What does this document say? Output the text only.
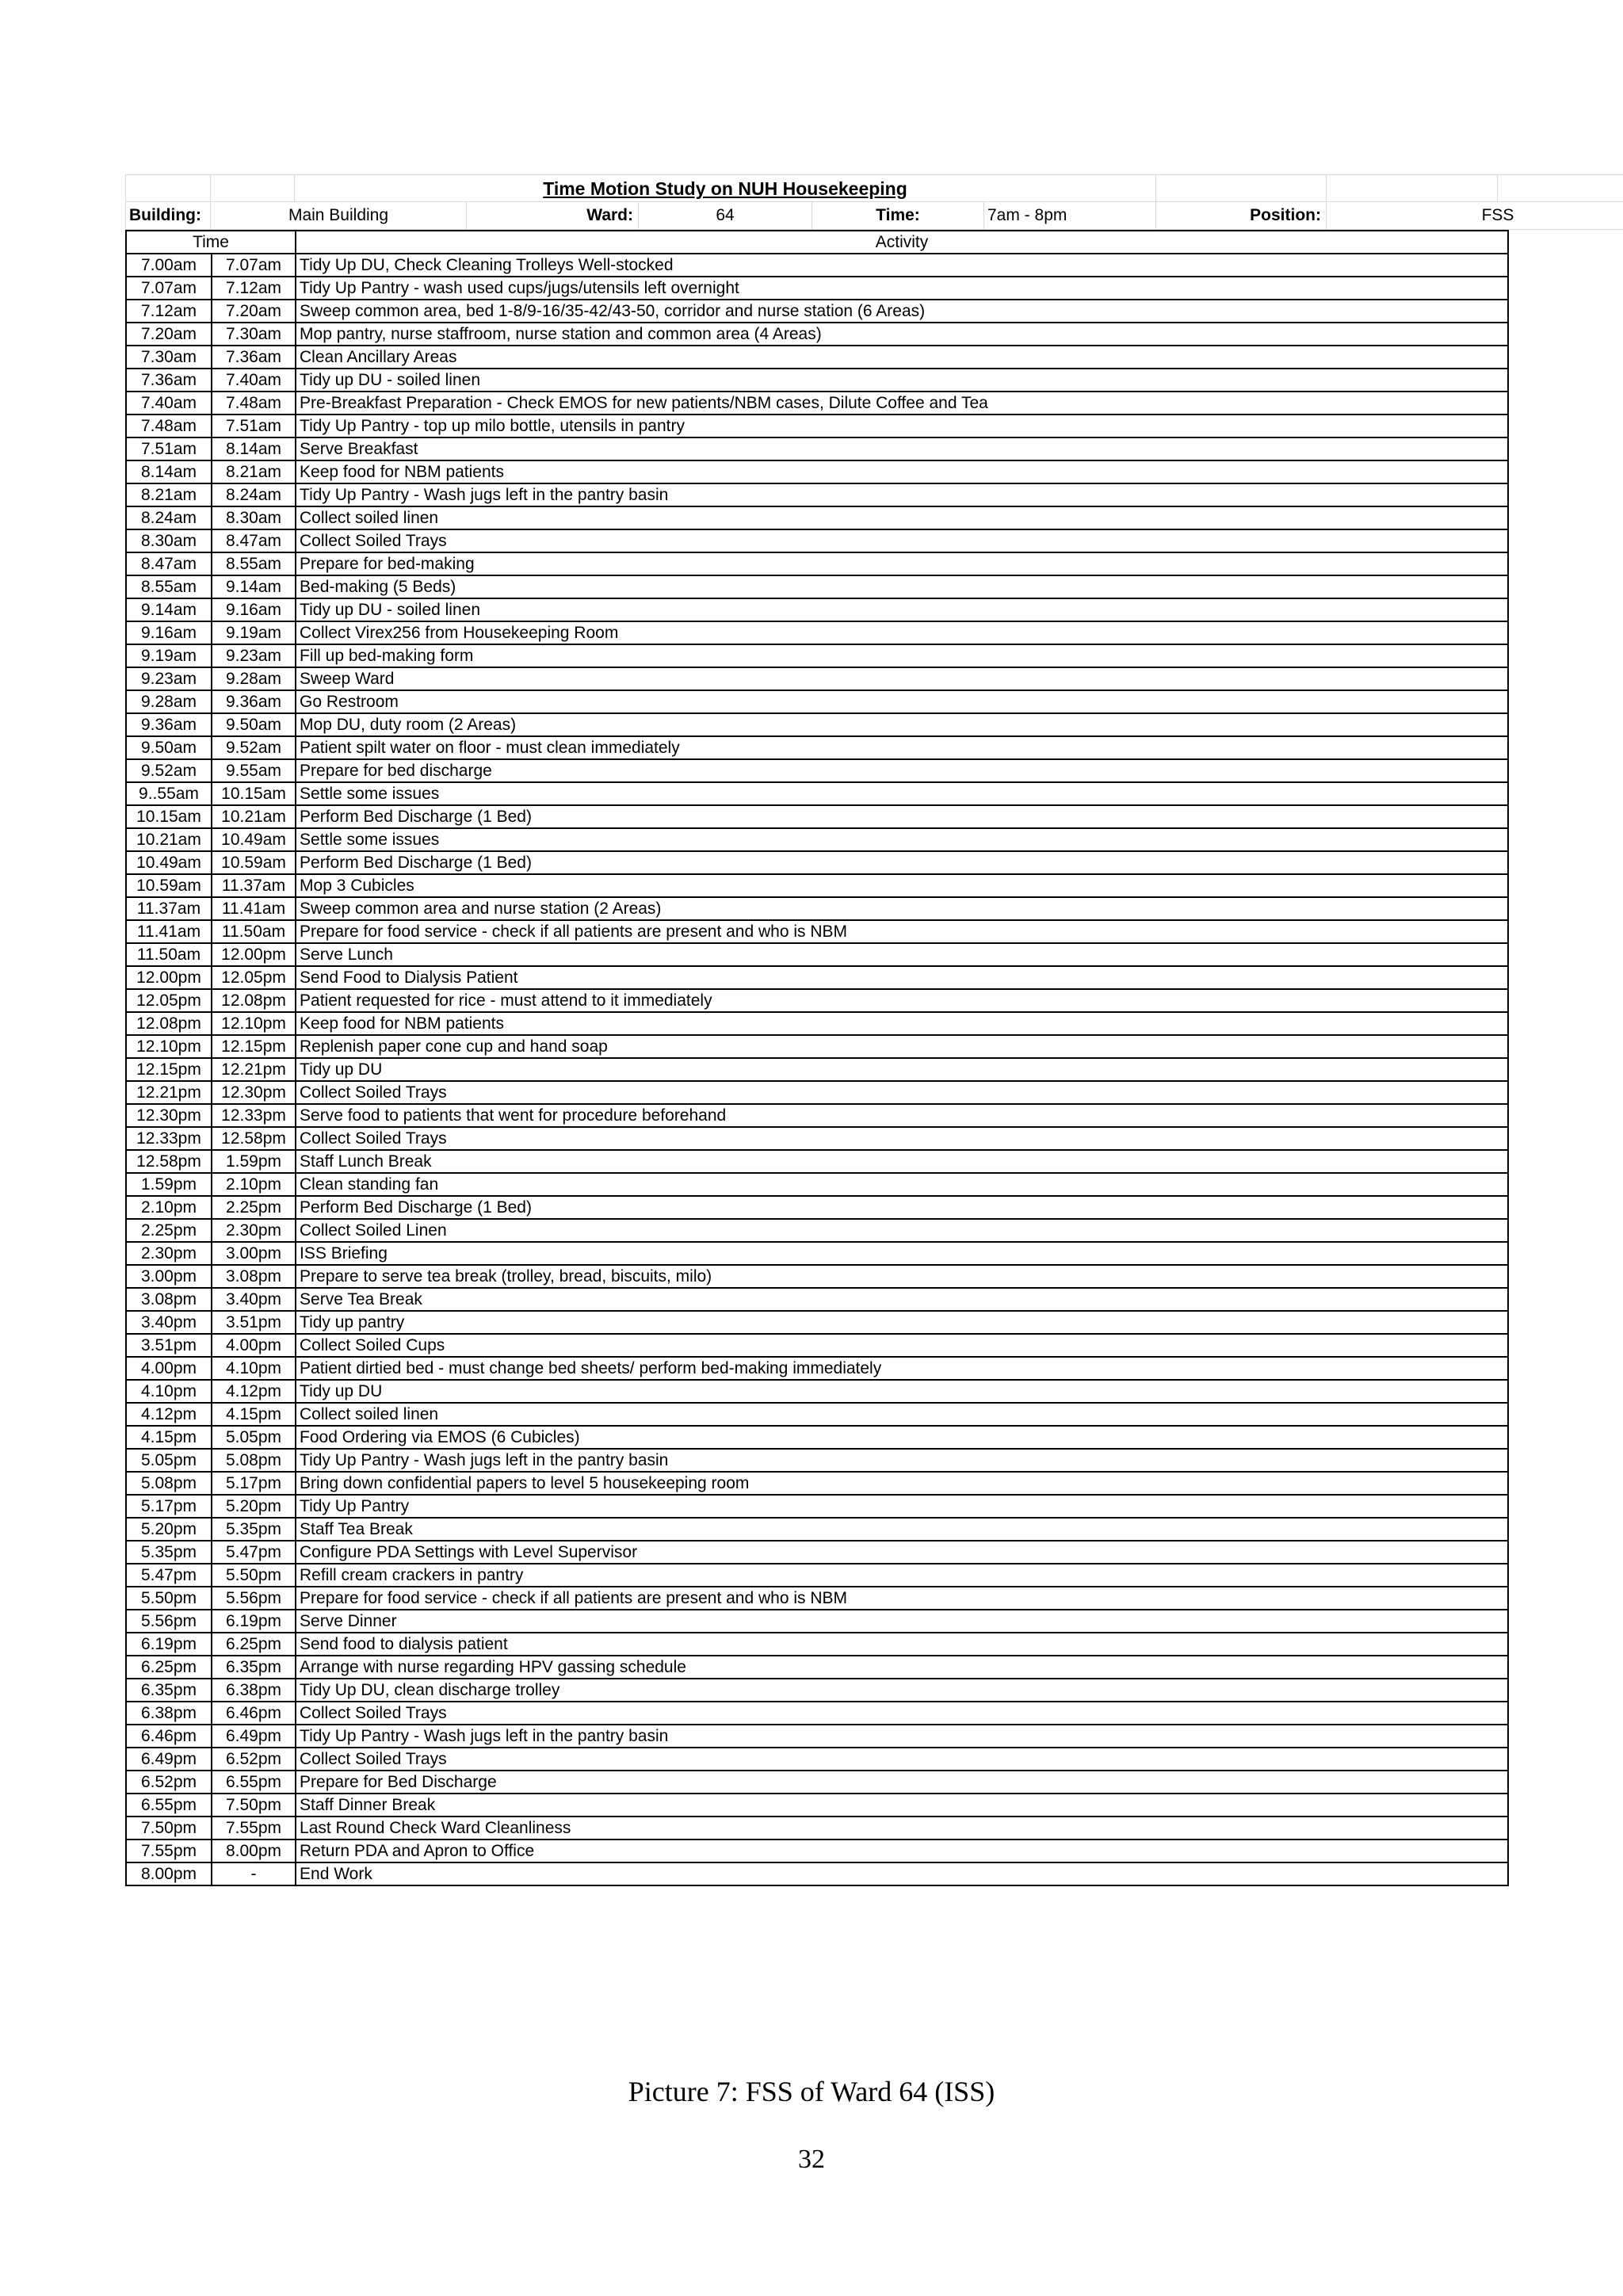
Time Motion Study on NUH Housekeeping
Building:	Main Building	Ward:	64	Time:	7am - 8pm	Position:	FSS
Time		Activity
7.00am	7.07am	Tidy Up DU, Check Cleaning Trolleys Well-stocked
7.07am	7.12am	Tidy Up Pantry - wash used cups/jugs/utensils left overnight
7.12am	7.20am	Sweep common area, bed 1-8/9-16/35-42/43-50, corridor and nurse station (6 Areas)
7.20am	7.30am	Mop pantry, nurse staffroom, nurse station and common area (4 Areas)
7.30am	7.36am	Clean Ancillary Areas
7.36am	7.40am	Tidy up DU - soiled linen
7.40am	7.48am	Pre-Breakfast Preparation - Check EMOS for new patients/NBM cases, Dilute Coffee and Tea
7.48am	7.51am	Tidy Up Pantry - top up milo bottle, utensils in pantry
7.51am	8.14am	Serve Breakfast
8.14am	8.21am	Keep food for NBM patients
8.21am	8.24am	Tidy Up Pantry - Wash jugs left in the pantry basin
8.24am	8.30am	Collect soiled linen
8.30am	8.47am	Collect Soiled Trays
8.47am	8.55am	Prepare for bed-making
8.55am	9.14am	Bed-making (5 Beds)
9.14am	9.16am	Tidy up DU - soiled linen
9.16am	9.19am	Collect Virex256 from Housekeeping Room
9.19am	9.23am	Fill up bed-making form
9.23am	9.28am	Sweep Ward
9.28am	9.36am	Go Restroom
9.36am	9.50am	Mop DU, duty room (2 Areas)
9.50am	9.52am	Patient spilt water on floor - must clean immediately
9.52am	9.55am	Prepare for bed discharge
9..55am	10.15am	Settle some issues
10.15am	10.21am	Perform Bed Discharge (1 Bed)
10.21am	10.49am	Settle some issues
10.49am	10.59am	Perform Bed Discharge (1 Bed)
10.59am	11.37am	Mop 3 Cubicles
11.37am	11.41am	Sweep common area and nurse station (2 Areas)
11.41am	11.50am	Prepare for food service - check if all patients are present and who is NBM
11.50am	12.00pm	Serve Lunch
12.00pm	12.05pm	Send Food to Dialysis Patient
12.05pm	12.08pm	Patient requested for rice - must attend to it immediately
12.08pm	12.10pm	Keep food for NBM patients
12.10pm	12.15pm	Replenish paper cone cup and hand soap
12.15pm	12.21pm	Tidy up DU
12.21pm	12.30pm	Collect Soiled Trays
12.30pm	12.33pm	Serve food to patients that went for procedure beforehand
12.33pm	12.58pm	Collect Soiled Trays
12.58pm	1.59pm	Staff Lunch Break
1.59pm	2.10pm	Clean standing fan
2.10pm	2.25pm	Perform Bed Discharge (1 Bed)
2.25pm	2.30pm	Collect Soiled Linen
2.30pm	3.00pm	ISS Briefing
3.00pm	3.08pm	Prepare to serve tea break (trolley, bread, biscuits, milo)
3.08pm	3.40pm	Serve Tea Break
3.40pm	3.51pm	Tidy up pantry
3.51pm	4.00pm	Collect Soiled Cups
4.00pm	4.10pm	Patient dirtied bed - must change bed sheets/ perform bed-making immediately
4.10pm	4.12pm	Tidy up DU
4.12pm	4.15pm	Collect soiled linen
4.15pm	5.05pm	Food Ordering via EMOS (6 Cubicles)
5.05pm	5.08pm	Tidy Up Pantry - Wash jugs left in the pantry basin
5.08pm	5.17pm	Bring down confidential papers to level 5 housekeeping room
5.17pm	5.20pm	Tidy Up Pantry
5.20pm	5.35pm	Staff Tea Break
5.35pm	5.47pm	Configure PDA Settings with Level Supervisor
5.47pm	5.50pm	Refill cream crackers in pantry
5.50pm	5.56pm	Prepare for food service - check if all patients are present and who is NBM
5.56pm	6.19pm	Serve Dinner
6.19pm	6.25pm	Send food to dialysis patient
6.25pm	6.35pm	Arrange with nurse regarding HPV gassing schedule
6.35pm	6.38pm	Tidy Up DU, clean discharge trolley
6.38pm	6.46pm	Collect Soiled Trays
6.46pm	6.49pm	Tidy Up Pantry - Wash jugs left in the pantry basin
6.49pm	6.52pm	Collect Soiled Trays
6.52pm	6.55pm	Prepare for Bed Discharge
6.55pm	7.50pm	Staff Dinner Break
7.50pm	7.55pm	Last Round Check Ward Cleanliness
7.55pm	8.00pm	Return PDA and Apron to Office
8.00pm	-	End Work
Picture 7: FSS of Ward 64 (ISS)
32
